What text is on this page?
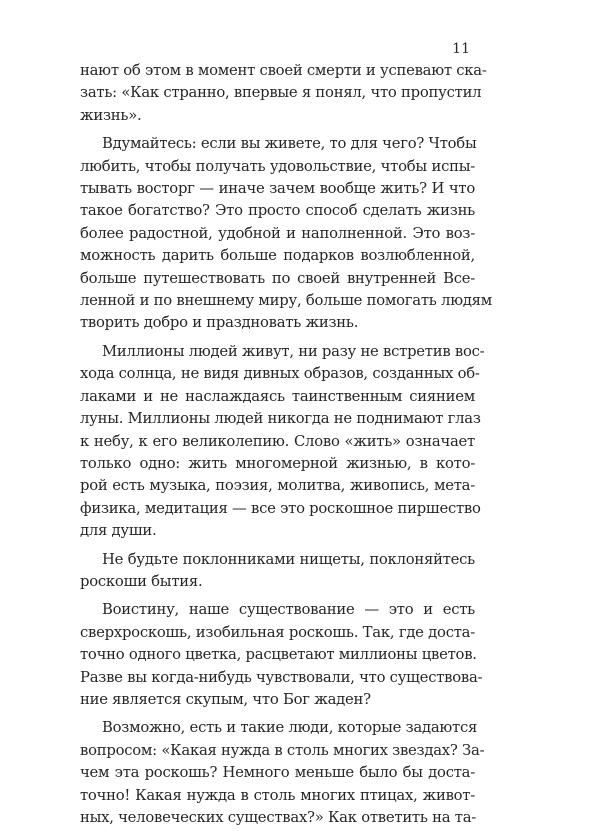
11
нают об этом в момент своей смерти и успевают ска-
зать: «Как странно, впервые я понял, что пропустил
жизнь».
Вдумайтесь: если вы живете, то для чего? Чтобы
любить, чтобы получать удовольствие, чтобы испы-
тывать восторг — иначе зачем вообще жить? И что
такое богатство? Это просто способ сделать жизнь
более радостной, удобной и наполненной. Это воз-
можность дарить больше подарков возлюбленной,
больше путешествовать по своей внутренней Всe-
ленной и по внешнему миру, больше помогать людям
творить добро и праздновать жизнь.
Миллионы людей живут, ни разу не встретив вос-
хода солнца, не видя дивных образов, созданных об-
лаками и не наслаждаясь таинственным сиянием
луны. Миллионы людей никогда не поднимают глаз
к небу, к его великолепию. Слово «жить» означает
только одно: жить многомерной жизнью, в кото-
рой есть музыка, поэзия, молитва, живопись, мета-
физика, медитация — все это роскошное пиршество
для души.
Не будьте поклонниками нищеты, поклоняйтесь
роскоши бытия.
Воистину, наше существование — это и есть
сверхроскошь, изобильная роскошь. Так, где доста-
точно одного цветка, расцветают миллионы цветов.
Разве вы когда-нибудь чувствовали, что существова-
ние является скупым, что Бог жаден?
Возможно, есть и такие люди, которые задаются
вопросом: «Какая нужда в столь многих звездах? За-
чем эта роскошь? Немного меньше было бы доста-
точно! Какая нужда в столь многих птицах, живот-
ных, человеческих существах?» Как ответить на та-
